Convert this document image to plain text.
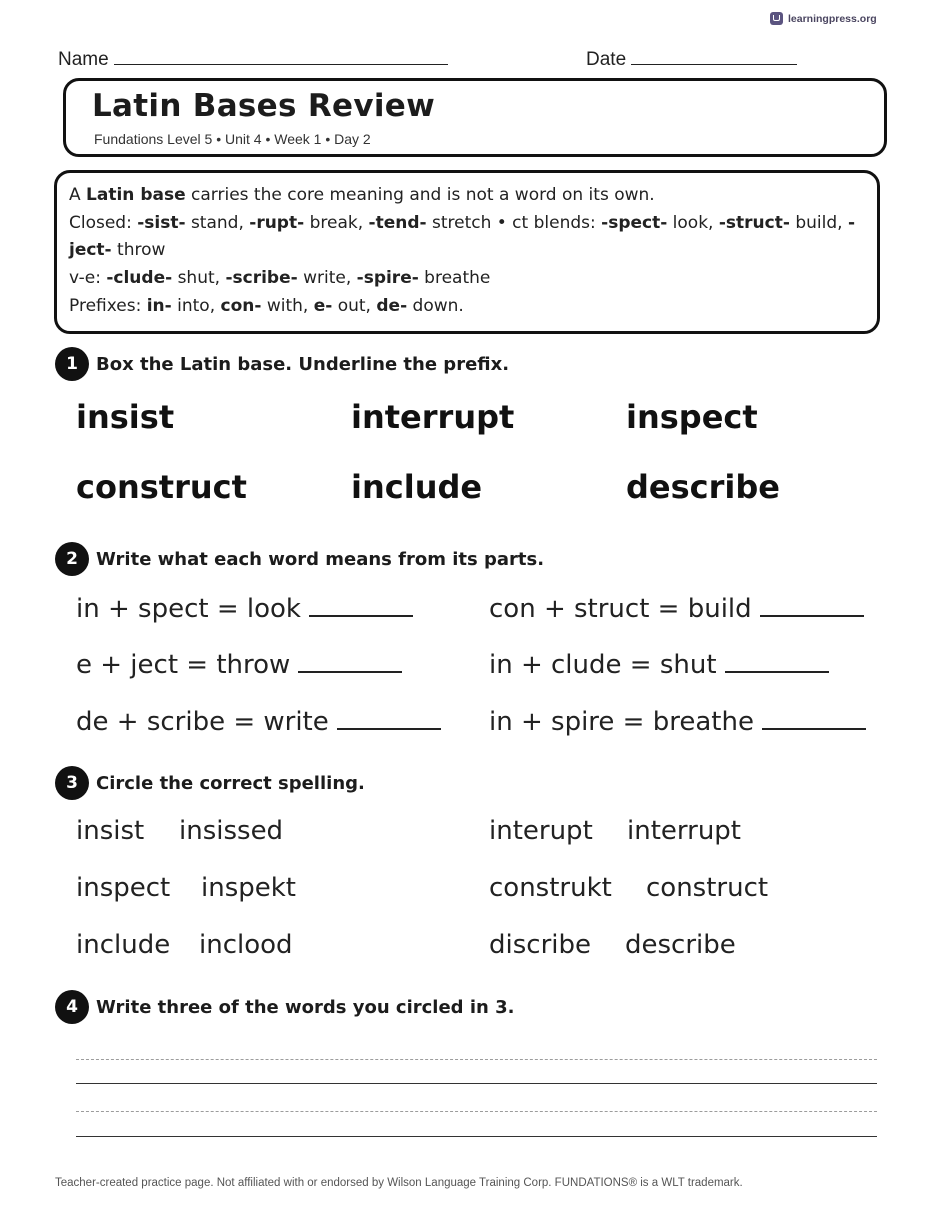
learningpress.org
Name	Date
Latin Bases Review
Fundations Level 5 • Unit 4 • Week 1 • Day 2

A Latin base carries the core meaning and is not a word on its own.

Closed: -sist- stand, -rupt- break, -tend- stretch • ct blends: -spect- look, -struct- build, -ject- throw

v-e: -clude- shut, -scribe- write, -spire- breathe

Prefixes: in- into, con- with, e- out, de- down.

1	Box the Latin base. Underline the prefix.
insist	interrupt	inspect
construct	include	describe
2	Write what each word means from its parts.
in + spect = look	con + struct = build
e + ject = throw	in + clude = shut
de + scribe = write	in + spire = breathe
3	Circle the correct spelling.
insist insissed	interupt interrupt
inspect inspekt	construkt construct
include inclood	discribe describe
4	Write three of the words you circled in 3.
Teacher-created practice page. Not affiliated with or endorsed by Wilson Language Training Corp. FUNDATIONS® is a WLT trademark.
